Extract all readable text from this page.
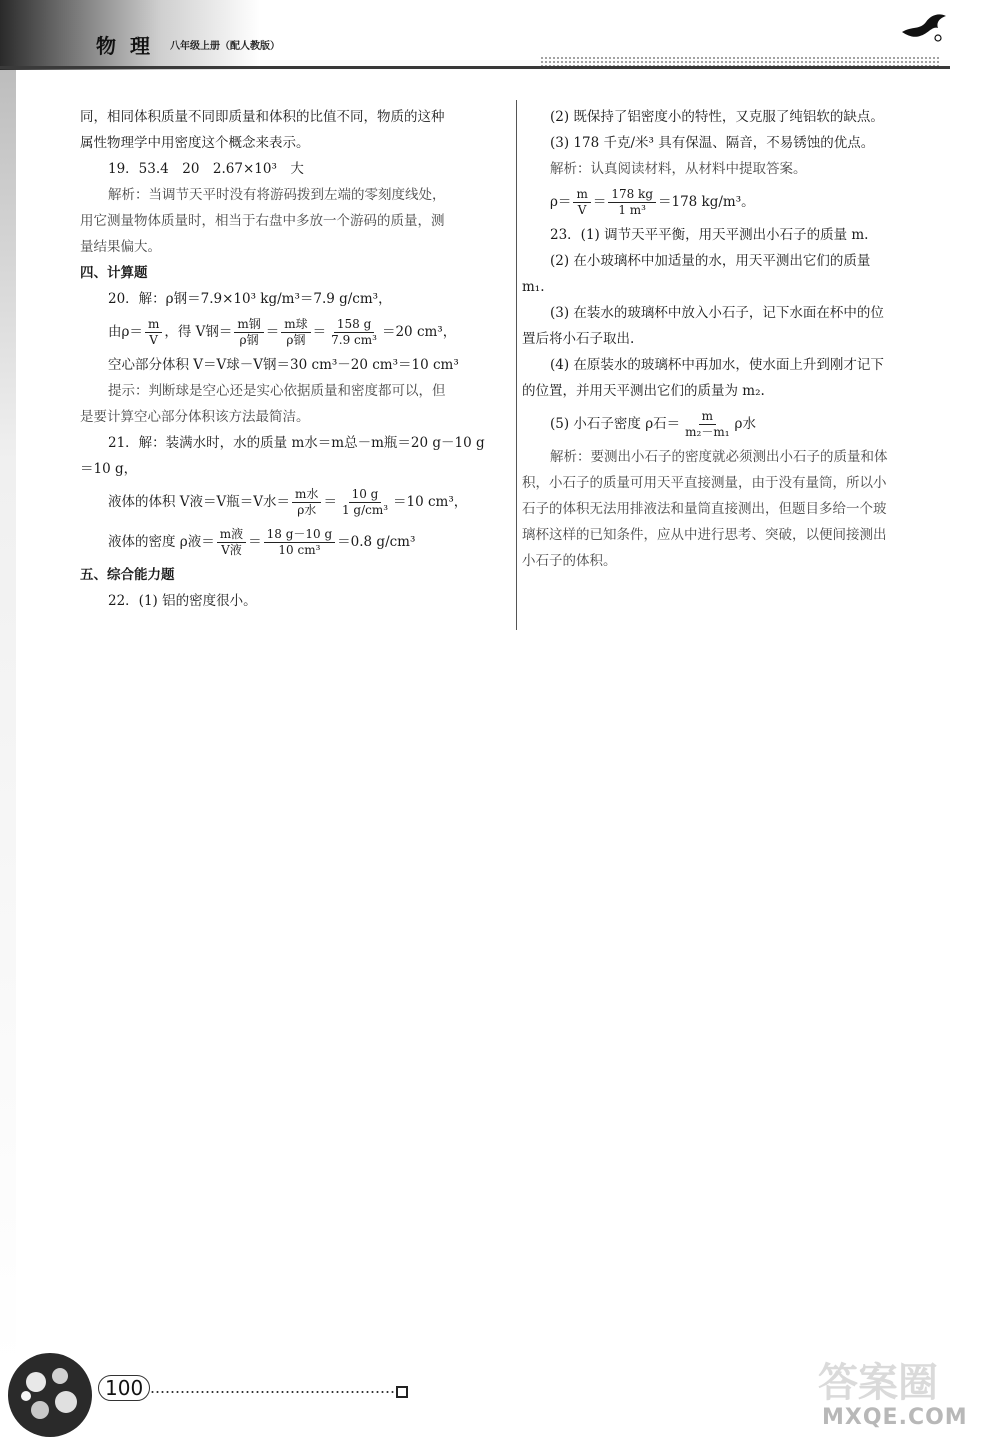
物理 八年级上册（配人教版）
同，相同体积质量不同即质量和体积的比值不同，物质的这种
属性物理学中用密度这个概念来表示。
19．53.4　20　2.67×10³　大
解析：当调节天平时没有将游码拨到左端的零刻度线处，
用它测量物体质量时，相当于右盘中多放一个游码的质量，测
量结果偏大。
四、计算题
20．解：ρ钢＝7.9×10³ kg/m³＝7.9 g/cm³，
由$\rho= \frac{m}{V}$ ，得 V钢＝ $\frac{\text{m钢}}{\text{ρ钢}} = \frac{\text{m球}}{\text{ρ钢}} = \frac{158 g}{\text{7.9 cm³}} =20$ cm³，
空心部分体积 V＝V球－V钢＝30 cm³－20 cm³＝10 cm³
提示：判断球是空心还是实心依据质量和密度都可以，但
是要计算空心部分体积该方法最简洁。
21．解：装满水时，水的质量 m水＝m总－m瓶＝20 g－10 g
＝10 g，
液体的体积 V液＝V瓶＝V水＝ $\frac{\text{m水}}{\text{ρ水}} = \frac{10 g}{\text{1 g/cm³}} =10$ cm³，
液体的密度 ρ液＝ $\frac{\text{m液}}{\text{V液}} = \frac{18 g-10 g}{\text{10 cm³}} =0.8$ g/cm³
五、综合能力题
22．(1) 铝的密度很小。
(2) 既保持了铝密度小的特性，又克服了纯铝软的缺点。
(3) 178 千克/米³ 具有保温、隔音，不易锈蚀的优点。
解析：认真阅读材料，从材料中提取答案。
$\rho= \frac{m}{V} = \frac{178 kg}{\text{1 m³}} =178$ kg/m³。
23．(1) 调节天平平衡，用天平测出小石子的质量 m.
(2) 在小玻璃杯中加适量的水，用天平测出它们的质量
m₁.
(3) 在装水的玻璃杯中放入小石子，记下水面在杯中的位
置后将小石子取出.
(4) 在原装水的玻璃杯中再加水，使水面上升到刚才记下
的位置，并用天平测出它们的质量为 m₂.
(5) 小石子密度 ρ石＝ $\frac{m}{\text{m₂－m₁}}$ ρ水
解析：要测出小石子的密度就必须测出小石子的质量和体
积，小石子的质量可用天平直接测量，由于没有量筒，所以小
石子的体积无法用排液法和量筒直接测出，但题目多给一个玻
璃杯这样的已知条件，应从中进行思考、突破，以便间接测出
小石子的体积。
100	答案圈
MXQE.COM
